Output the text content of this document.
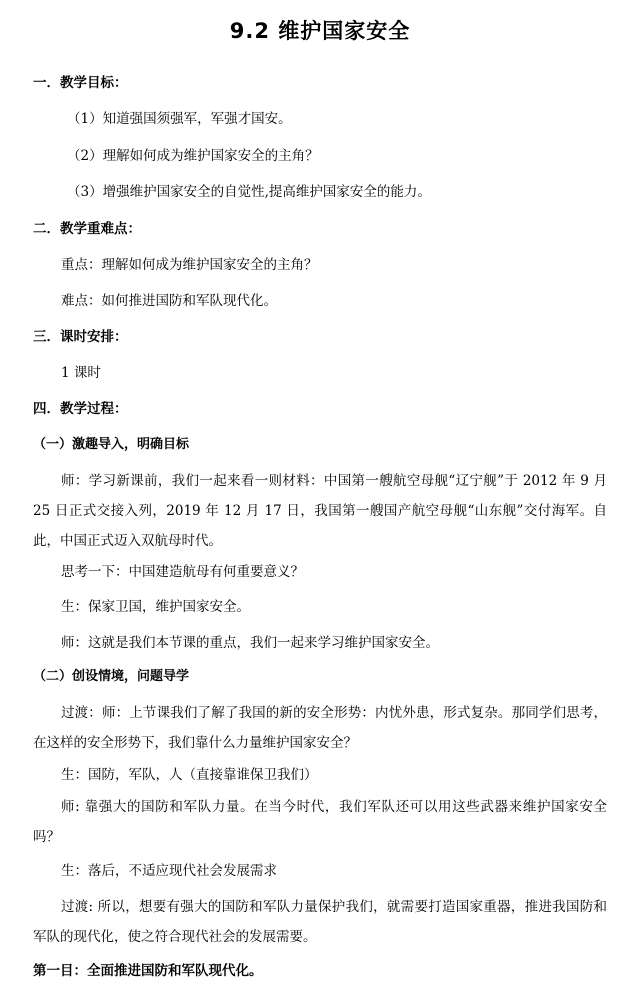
9.2 维护国家安全
一．教学目标：
（1）知道强国须强军，军强才国安。
（2）理解如何成为维护国家安全的主角？
（3）增强维护国家安全的自觉性,提高维护国家安全的能力。
二．教学重难点：
重点：理解如何成为维护国家安全的主角？
难点：如何推进国防和军队现代化。
三．课时安排：
1 课时
四．教学过程：
（一）激趣导入，明确目标
师：学习新课前，我们一起来看一则材料：中国第一艘航空母舰“辽宁舰”于 2012 年 9 月 25 日正式交接入列，2019 年 12 月 17 日，我国第一艘国产航空母舰“山东舰”交付海军。自此，中国正式迈入双航母时代。
思考一下：中国建造航母有何重要意义？
生：保家卫国，维护国家安全。
师：这就是我们本节课的重点，我们一起来学习维护国家安全。
（二）创设情境，问题导学
过渡：师：上节课我们了解了我国的新的安全形势：内忧外患，形式复杂。那同学们思考，在这样的安全形势下，我们靠什么力量维护国家安全？
生：国防，军队，人（直接靠谁保卫我们）
师: 靠强大的国防和军队力量。在当今时代，我们军队还可以用这些武器来维护国家安全吗？
生：落后，不适应现代社会发展需求
过渡: 所以，想要有强大的国防和军队力量保护我们，就需要打造国家重器，推进我国防和军队的现代化，使之符合现代社会的发展需要。
第一目：全面推进国防和军队现代化。
